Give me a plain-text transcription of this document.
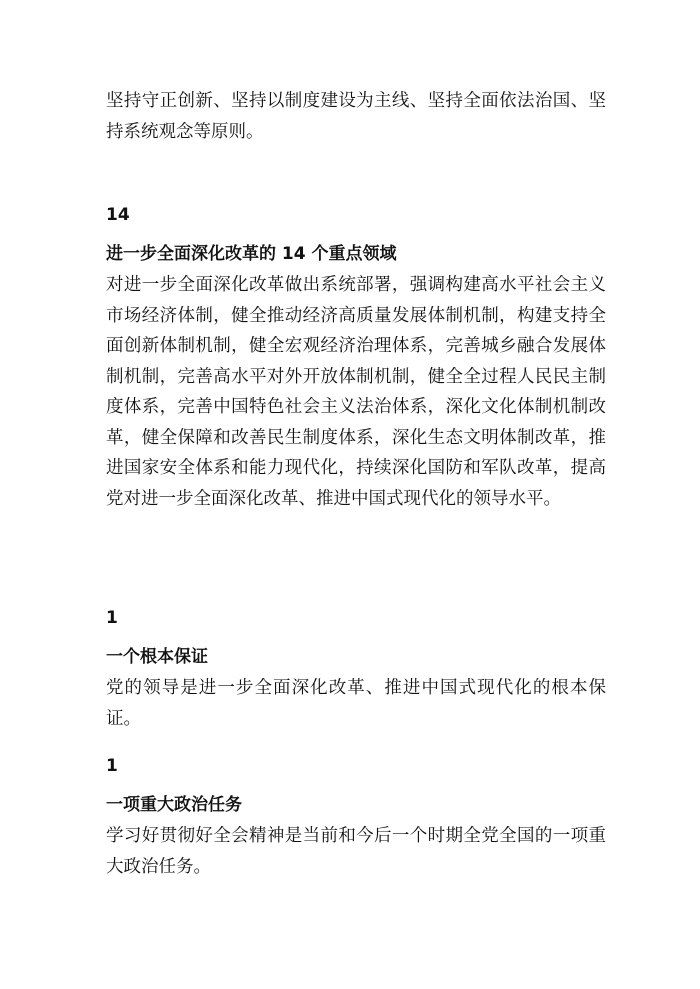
坚持守正创新、坚持以制度建设为主线、坚持全面依法治国、坚持系统观念等原则。

14

进一步全面深化改革的 14 个重点领域

对进一步全面深化改革做出系统部署，强调构建高水平社会主义市场经济体制，健全推动经济高质量发展体制机制，构建支持全面创新体制机制，健全宏观经济治理体系，完善城乡融合发展体制机制，完善高水平对外开放体制机制，健全全过程人民民主制度体系，完善中国特色社会主义法治体系，深化文化体制机制改革，健全保障和改善民生制度体系，深化生态文明体制改革，推进国家安全体系和能力现代化，持续深化国防和军队改革，提高党对进一步全面深化改革、推进中国式现代化的领导水平。

1

一个根本保证

党的领导是进一步全面深化改革、推进中国式现代化的根本保证。

1

一项重大政治任务

学习好贯彻好全会精神是当前和今后一个时期全党全国的一项重大政治任务。
